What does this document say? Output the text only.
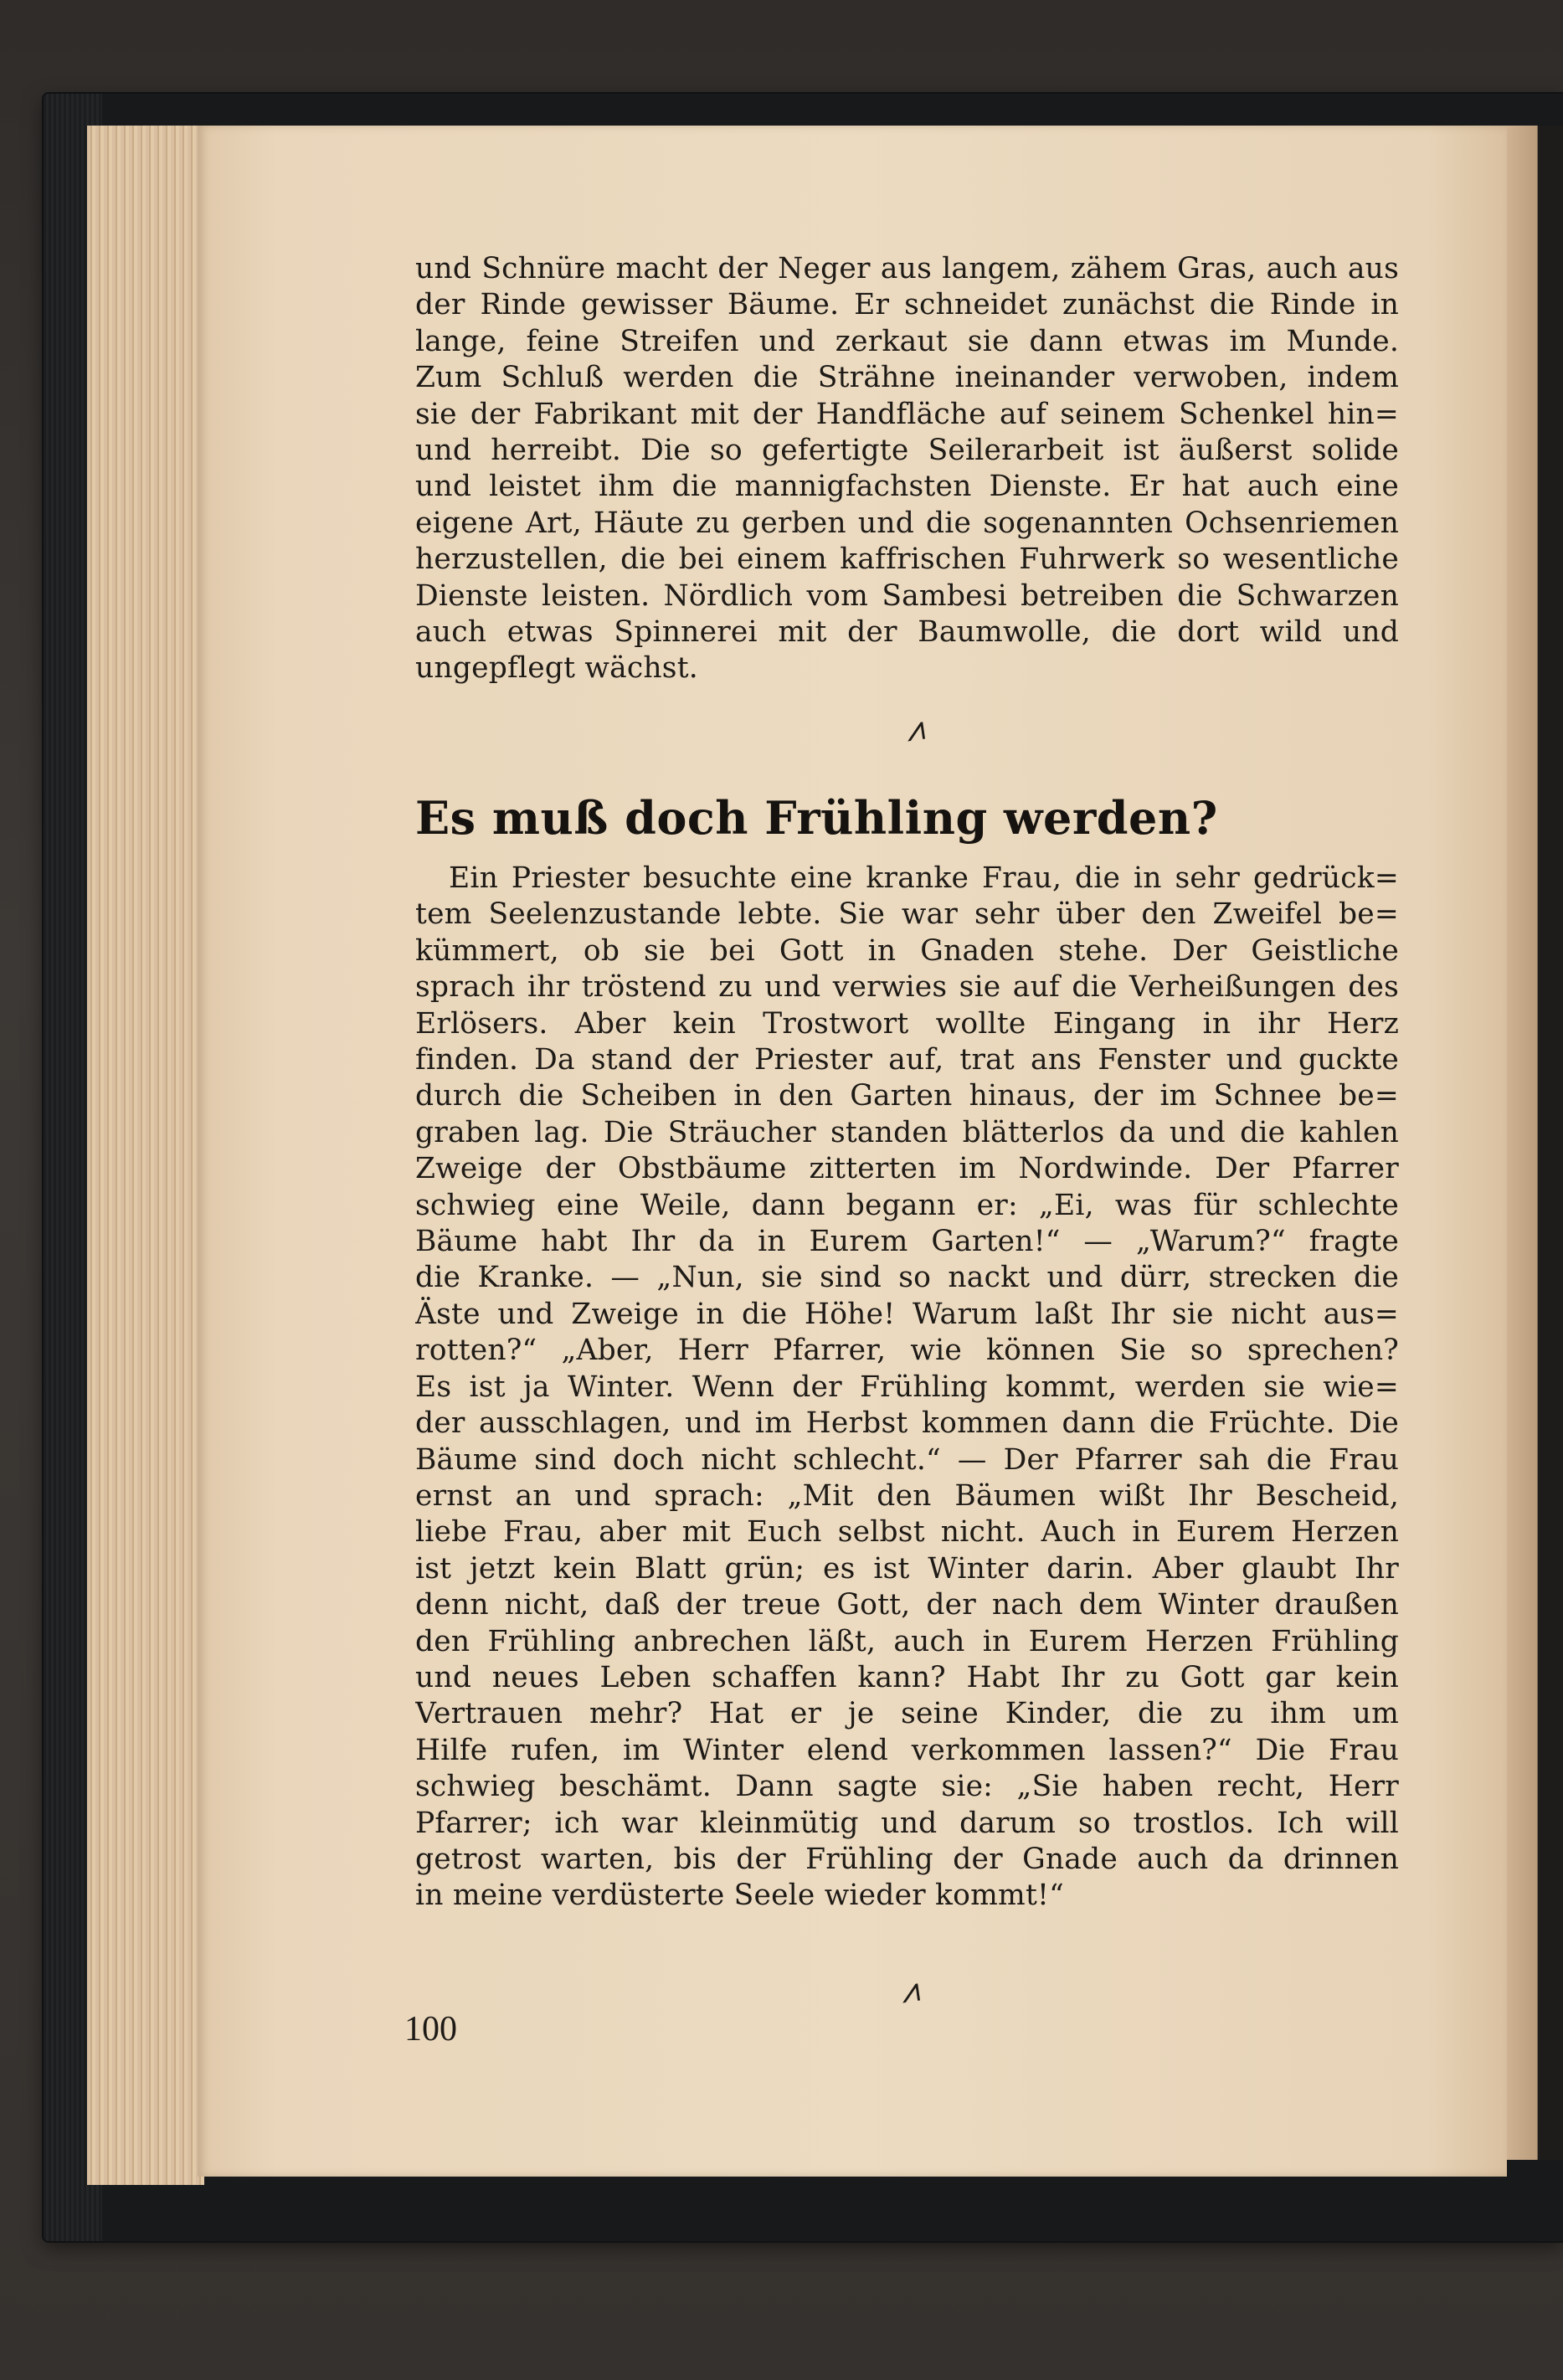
und Schnüre macht der Neger aus langem, zähem Gras, auch aus
der Rinde gewisser Bäume. Er schneidet zunächst die Rinde in
lange, feine Streifen und zerkaut sie dann etwas im Munde.
Zum Schluß werden die Strähne ineinander verwoben, indem
sie der Fabrikant mit der Handfläche auf seinem Schenkel hin=
und herreibt. Die so gefertigte Seilerarbeit ist äußerst solide
und leistet ihm die mannigfachsten Dienste. Er hat auch eine
eigene Art, Häute zu gerben und die sogenannten Ochsenriemen
herzustellen, die bei einem kaffrischen Fuhrwerk so wesentliche
Dienste leisten. Nördlich vom Sambesi betreiben die Schwarzen
auch etwas Spinnerei mit der Baumwolle, die dort wild und
ungepflegt wächst.

⩘
Es muß doch Frühling werden?

Ein Priester besuchte eine kranke Frau, die in sehr gedrück=
tem Seelenzustande lebte. Sie war sehr über den Zweifel be=
kümmert, ob sie bei Gott in Gnaden stehe. Der Geistliche
sprach ihr tröstend zu und verwies sie auf die Verheißungen des
Erlösers. Aber kein Trostwort wollte Eingang in ihr Herz
finden. Da stand der Priester auf, trat ans Fenster und guckte
durch die Scheiben in den Garten hinaus, der im Schnee be=
graben lag. Die Sträucher standen blätterlos da und die kahlen
Zweige der Obstbäume zitterten im Nordwinde. Der Pfarrer
schwieg eine Weile, dann begann er: „Ei, was für schlechte
Bäume habt Ihr da in Eurem Garten!“ — „Warum?“ fragte
die Kranke. — „Nun, sie sind so nackt und dürr, strecken die
Äste und Zweige in die Höhe! Warum laßt Ihr sie nicht aus=
rotten?“ „Aber, Herr Pfarrer, wie können Sie so sprechen?
Es ist ja Winter. Wenn der Frühling kommt, werden sie wie=
der ausschlagen, und im Herbst kommen dann die Früchte. Die
Bäume sind doch nicht schlecht.“ — Der Pfarrer sah die Frau
ernst an und sprach: „Mit den Bäumen wißt Ihr Bescheid,
liebe Frau, aber mit Euch selbst nicht. Auch in Eurem Herzen
ist jetzt kein Blatt grün; es ist Winter darin. Aber glaubt Ihr
denn nicht, daß der treue Gott, der nach dem Winter draußen
den Frühling anbrechen läßt, auch in Eurem Herzen Frühling
und neues Leben schaffen kann? Habt Ihr zu Gott gar kein
Vertrauen mehr? Hat er je seine Kinder, die zu ihm um
Hilfe rufen, im Winter elend verkommen lassen?“ Die Frau
schwieg beschämt. Dann sagte sie: „Sie haben recht, Herr
Pfarrer; ich war kleinmütig und darum so trostlos. Ich will
getrost warten, bis der Frühling der Gnade auch da drinnen
in meine verdüsterte Seele wieder kommt!“

⩘
100
